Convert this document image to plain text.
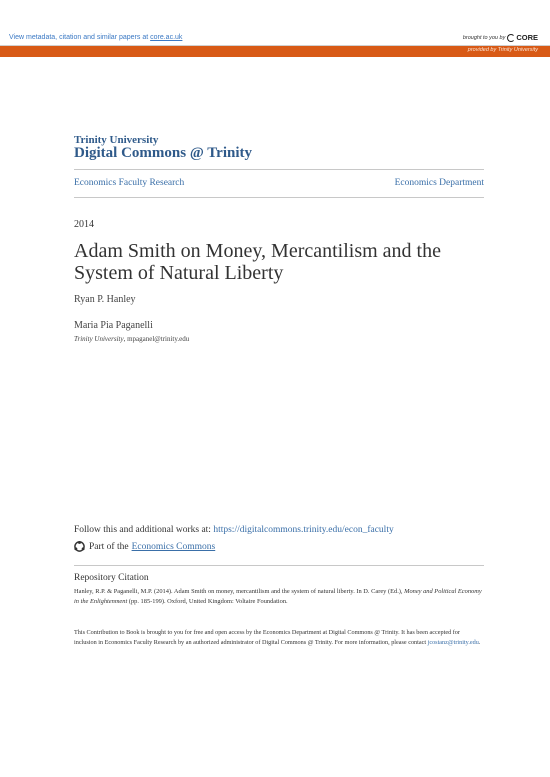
View metadata, citation and similar papers at core.ac.uk	brought to you by CORE
provided by Trinity University
Trinity University
Digital Commons @ Trinity
Economics Faculty Research	Economics Department
2014
Adam Smith on Money, Mercantilism and the System of Natural Liberty
Ryan P. Hanley
Maria Pia Paganelli
Trinity University, mpaganel@trinity.edu
Follow this and additional works at: https://digitalcommons.trinity.edu/econ_faculty
Part of the Economics Commons
Repository Citation
Hanley, R.P. & Paganelli, M.P. (2014). Adam Smith on money, mercantilism and the system of natural liberty. In D. Carey (Ed.), Money and Political Economy in the Enlightenment (pp. 185-199). Oxford, United Kingdom: Voltaire Foundation.
This Contribution to Book is brought to you for free and open access by the Economics Department at Digital Commons @ Trinity. It has been accepted for inclusion in Economics Faculty Research by an authorized administrator of Digital Commons @ Trinity. For more information, please contact jcostanz@trinity.edu.
